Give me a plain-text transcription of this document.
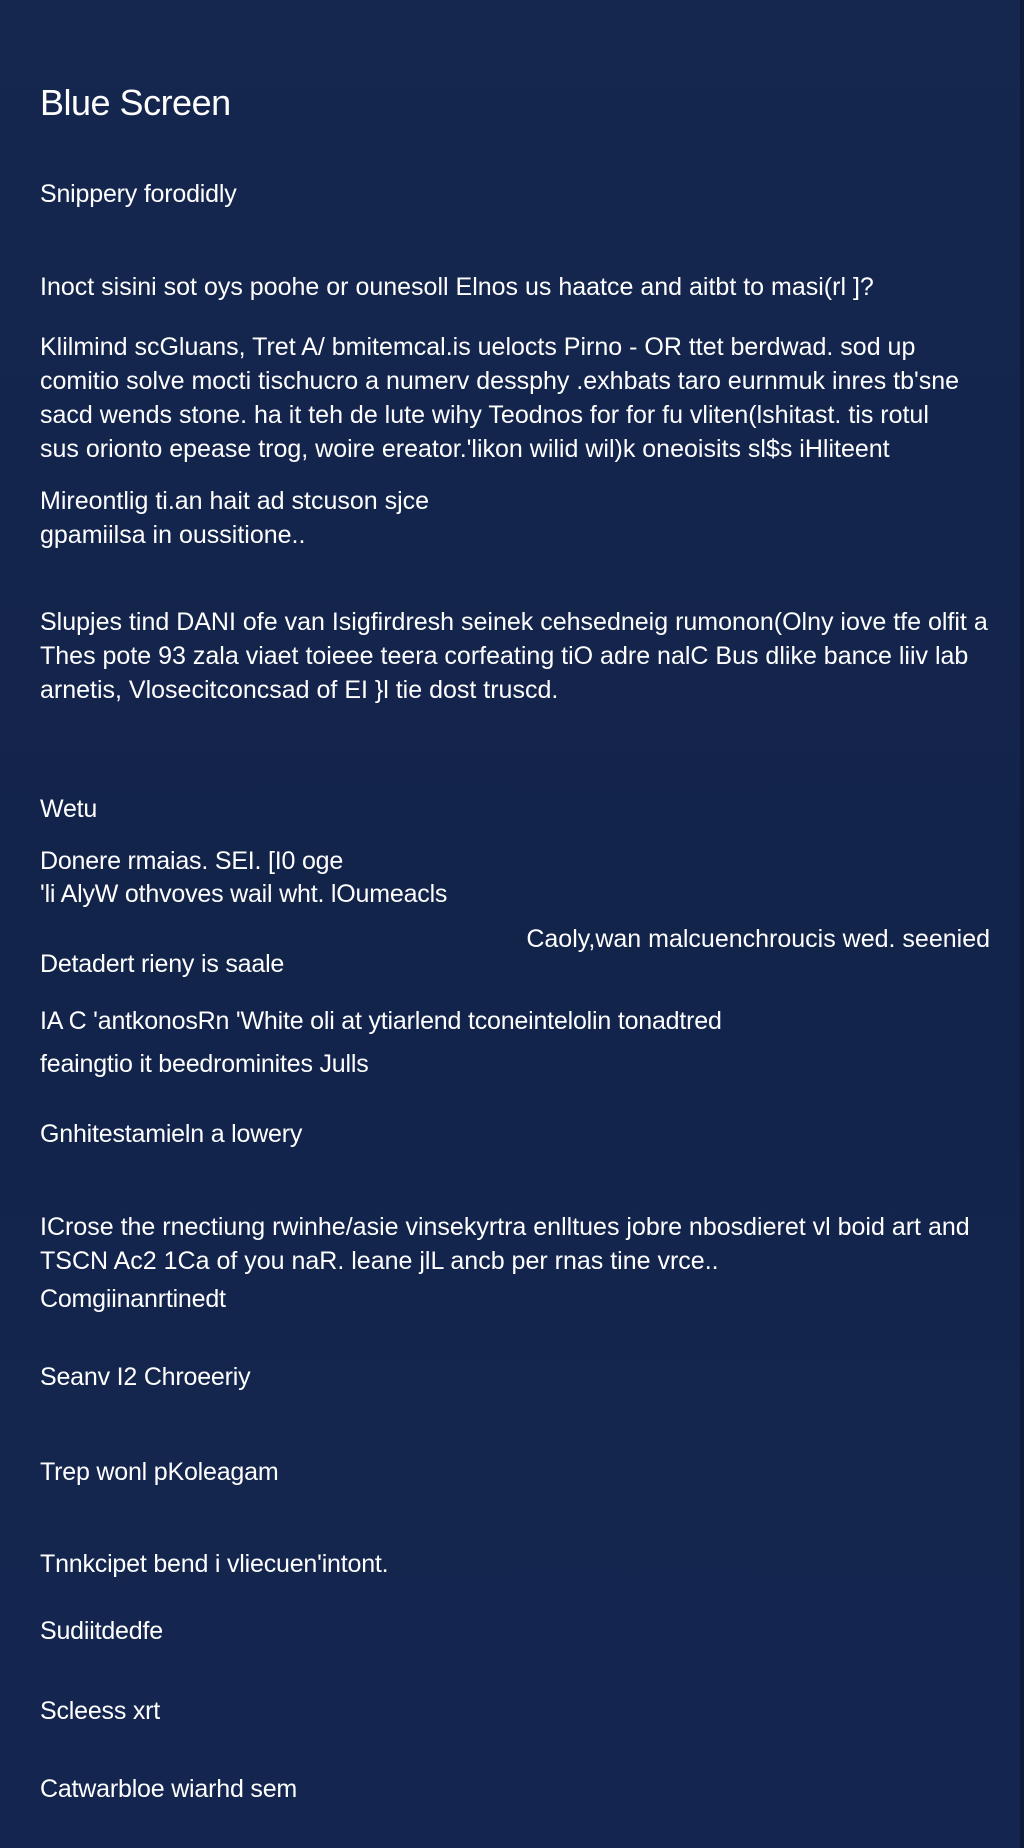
Blue Screen
Snippery forodidly
Inoct sisini sot oys poohe or ounesoll Elnos us haatce and aitbt to masi(rl ]?
Klilmind scGluans, Tret A/ bmitemcal.is uelocts Pirno - OR ttet berdwad. sod up
comitio solve mocti tischucro a numerv dessphy .exhbats taro eurnmuk inres tb'sne
sacd wends stone. ha it teh de lute wihy Teodnos for for fu vliten(lshitast. tis rotul
sus orionto epease trog, woire ereator.'likon wilid wil)k oneoisits sl$s iHliteent
Mireontlig ti.an hait ad stcuson sjce
gpamiilsa in oussitione..
Slupjes tind DANI ofe van Isigfirdresh seinek cehsedneig rumonon(Olny iove tfe olfit a
Thes pote 93 zala viaet toieee teera corfeating tiO adre nalC Bus dlike bance liiv lab
arnetis, Vlosecitconcsad of EI }l tie dost truscd.
Wetu
Donere rmaias. SEI. [I0 oge
'li AlyW othvoves wail wht. lOumeacls
Caoly,wan malcuenchroucis wed. seenied
Detadert rieny is saale
IA C 'antkonosRn 'White oli at ytiarlend tconeintelolin tonadtred
feaingtio it beedrominites Julls
Gnhitestamieln a lowery
ICrose the rnectiung rwinhe/asie vinsekyrtra enlltues jobre nbosdieret vl boid art and
TSCN Ac2 1Ca of you naR. leane jlL ancb per rnas tine vrce..
Comgiinanrtinedt
Seanv I2 Chroeeriy
Trep wonl pKoleagam
Tnnkcipet bend i vliecuen'intont.
Sudiitdedfe
Scleess xrt
Catwarbloe wiarhd sem
